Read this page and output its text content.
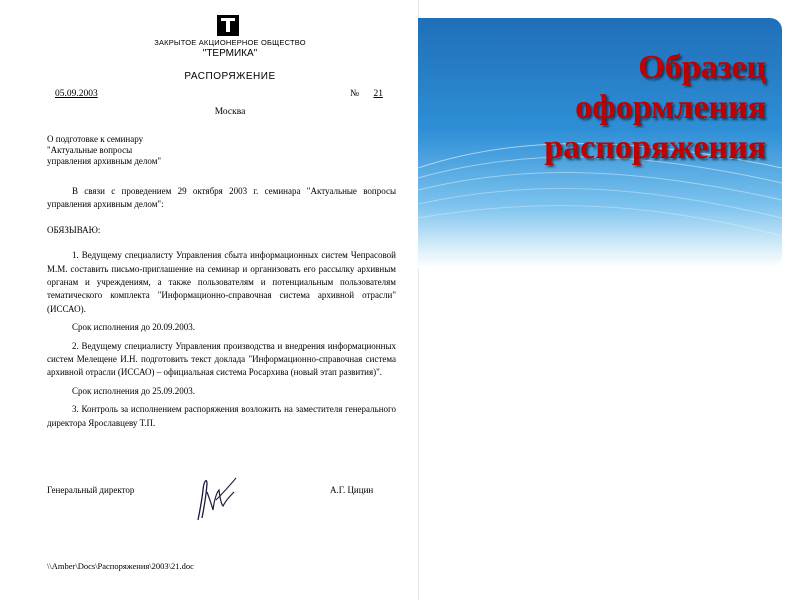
ЗАКРЫТОЕ АКЦИОНЕРНОЕ ОБЩЕСТВО
"ТЕРМИКА"
РАСПОРЯЖЕНИЕ
05.09.2003	№ 21
Москва
О подготовке к семинару
"Актуальные вопросы
управления архивным делом"

В связи с проведением 29 октября 2003 г. семинара "Актуальные вопросы управления архивным делом":

ОБЯЗЫВАЮ:

1. Ведущему специалисту Управления сбыта информационных систем Чепрасовой М.М. составить письмо-приглашение на семинар и организовать его рассылку архивным органам и учреждениям, а также пользователям и потенциальным пользователям тематического комплекта "Информационно-справочная система архивной отрасли" (ИССАО).

Срок исполнения до 20.09.2003.

2. Ведущему специалисту Управления производства и внедрения информационных систем Мелещене И.Н. подготовить текст доклада "Информационно-справочная система архивной отрасли (ИССАО) – официальная система Росархива (новый этап развития)".

Срок исполнения до 25.09.2003.

3. Контроль за исполнением распоряжения возложить на заместителя генерального директора Ярославцеву Т.П.

Генеральный директор	А.Г. Цицин
\\Amber\Docs\Распоряжения\2003\21.doc
Образец
оформления
распоряжения
